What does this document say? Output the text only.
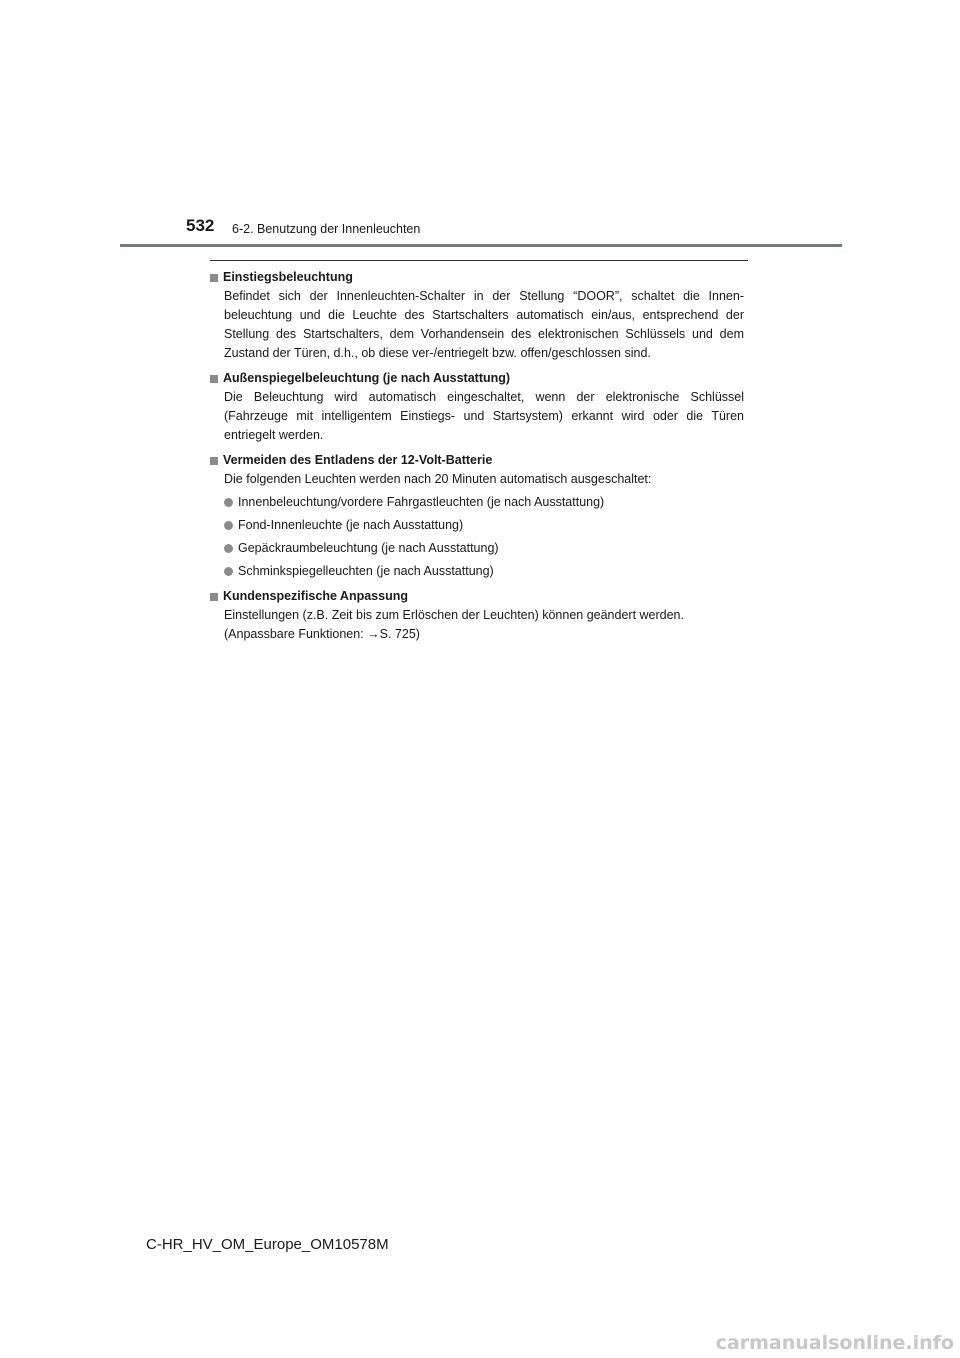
532 6-2. Benutzung der Innenleuchten
Einstiegsbeleuchtung
Befindet sich der Innenleuchten-Schalter in der Stellung “DOOR”, schaltet die Innen-beleuchtung und die Leuchte des Startschalters automatisch ein/aus, entsprechend der Stellung des Startschalters, dem Vorhandensein des elektronischen Schlüssels und dem Zustand der Türen, d.h., ob diese ver-/entriegelt bzw. offen/geschlossen sind.
Außenspiegelbeleuchtung (je nach Ausstattung)
Die Beleuchtung wird automatisch eingeschaltet, wenn der elektronische Schlüssel (Fahrzeuge mit intelligentem Einstiegs- und Startsystem) erkannt wird oder die Türen entriegelt werden.
Vermeiden des Entladens der 12-Volt-Batterie
Die folgenden Leuchten werden nach 20 Minuten automatisch ausgeschaltet:
Innenbeleuchtung/vordere Fahrgastleuchten (je nach Ausstattung)
Fond-Innenleuchte (je nach Ausstattung)
Gepäckraumbeleuchtung (je nach Ausstattung)
Schminkspiegelleuchten (je nach Ausstattung)
Kundenspezifische Anpassung
Einstellungen (z.B. Zeit bis zum Erlöschen der Leuchten) können geändert werden.
(Anpassbare Funktionen: →S. 725)
C-HR_HV_OM_Europe_OM10578M
carmanualsonline.info
